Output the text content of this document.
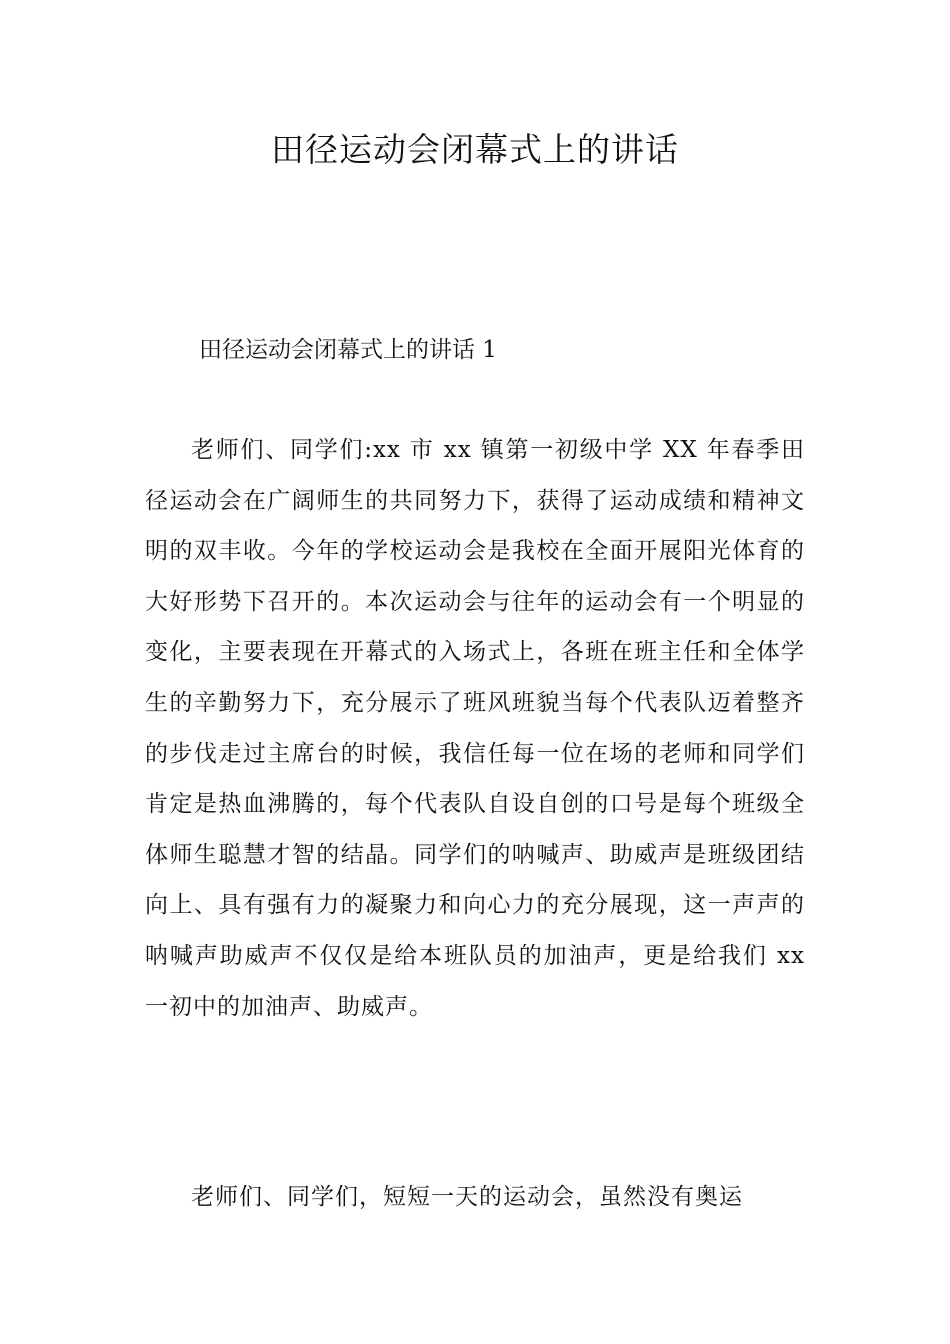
田径运动会闭幕式上的讲话
田径运动会闭幕式上的讲话 1

老师们、同学们:xx 市 xx 镇第一初级中学 XX 年春季田径运动会在广阔师生的共同努力下，获得了运动成绩和精神文明的双丰收。今年的学校运动会是我校在全面开展阳光体育的大好形势下召开的。本次运动会与往年的运动会有一个明显的变化，主要表现在开幕式的入场式上，各班在班主任和全体学生的辛勤努力下，充分展示了班风班貌当每个代表队迈着整齐的步伐走过主席台的时候，我信任每一位在场的老师和同学们肯定是热血沸腾的，每个代表队自设自创的口号是每个班级全体师生聪慧才智的结晶。同学们的呐喊声、助威声是班级团结向上、具有强有力的凝聚力和向心力的充分展现，这一声声的呐喊声助威声不仅仅是给本班队员的加油声，更是给我们 xx 一初中的加油声、助威声。

老师们、同学们，短短一天的运动会，虽然没有奥运
